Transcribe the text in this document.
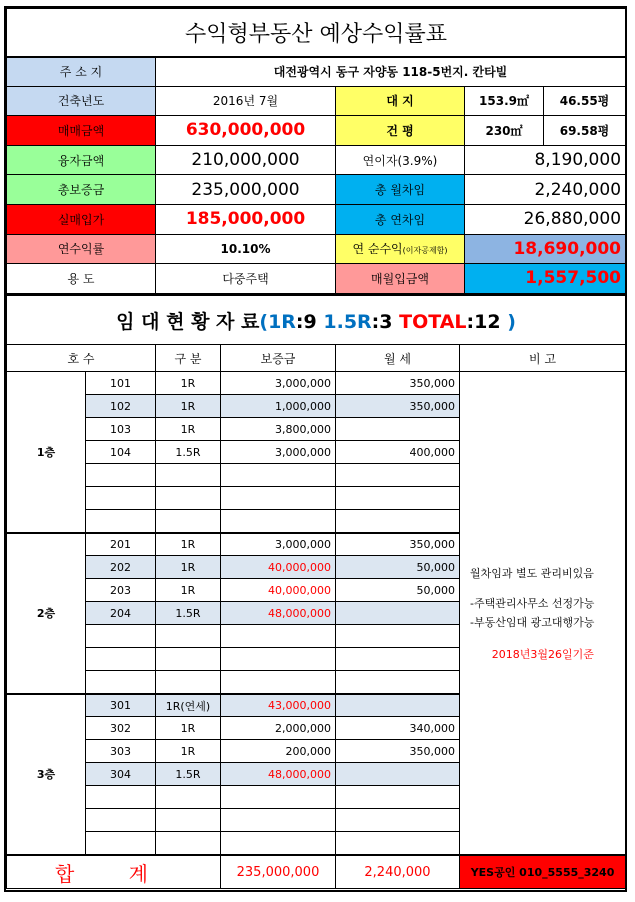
수익형부동산 예상수익률표				
주 소 지	대전광역시 동구 자양동 118-5번지. 칸타빌			
건축년도	2016년 7월	대 지	153.9㎡	46.55평
매매금액	630,000,000	건 평	230㎡	69.58평
융자금액	210,000,000	연이자(3.9%)	8,190,000	
총보증금	235,000,000	총 월차임	2,240,000	
실매입가	185,000,000	총 연차임	26,880,000	
연수익률	10.10%	연 순수익(이자공제함)	18,690,000	
용 도	다중주택	매월입금액	1,557,500	
임 대 현 황 자 료(1R:9 1.5R:3 TOTAL:12 )					
호 수		구 분	보증금	월 세	비 고
1층	101	1R	3,000,000	350,000	월차임과 별도 관리비있음
-주택관리사무소 선정가능
-부동산임대 광고대행가능
2018년3월26일기준

	102	1R	1,000,000	350,000	
	103	1R	3,800,000		
	104	1.5R	3,000,000	400,000	

2층	201	1R	3,000,000	350,000	
	202	1R	40,000,000	50,000	
	203	1R	40,000,000	50,000	
	204	1.5R	48,000,000		

3층	301	1R(연세)	43,000,000		
	302	1R	2,000,000	340,000	
	303	1R	200,000	350,000	
	304	1.5R	48,000,000		

합 계			235,000,000	2,240,000	YES공인 010_5555_3240
